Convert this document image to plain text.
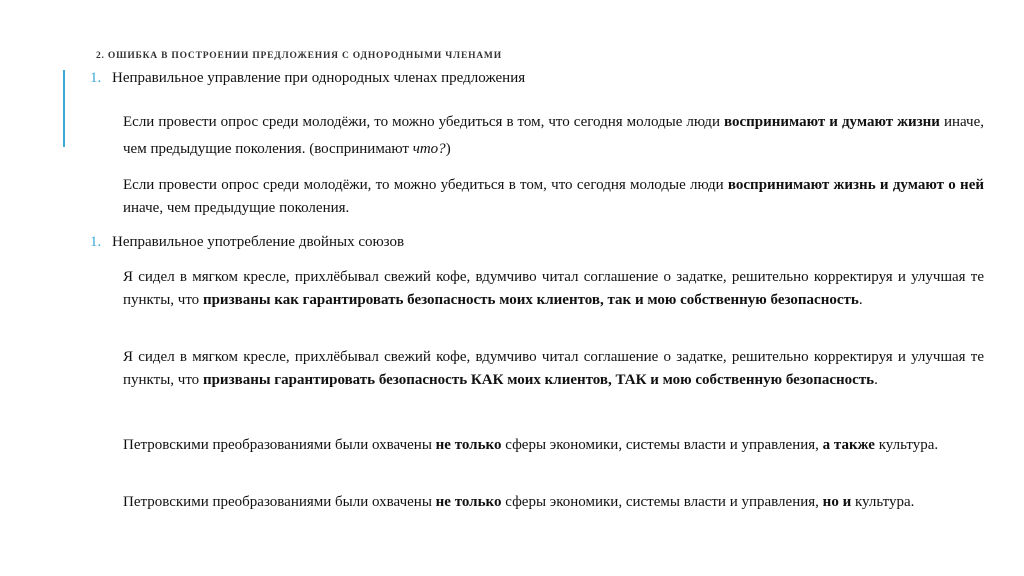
2. ОШИБКА В ПОСТРОЕНИИ ПРЕДЛОЖЕНИЯ С ОДНОРОДНЫМИ ЧЛЕНАМИ
1. Неправильное управление при однородных членах предложения
Если провести опрос среди молодёжи, то можно убедиться в том, что сегодня молодые люди воспринимают и думают жизни иначе, чем предыдущие поколения. (воспринимают что?)
Если провести опрос среди молодёжи, то можно убедиться в том, что сегодня молодые люди воспринимают жизнь и думают о ней иначе, чем предыдущие поколения.
1. Неправильное употребление двойных союзов
Я сидел в мягком кресле, прихлёбывал свежий кофе, вдумчиво читал соглашение о задатке, решительно корректируя и улучшая те пункты, что призваны как гарантировать безопасность моих клиентов, так и мою собственную безопасность.
Я сидел в мягком кресле, прихлёбывал свежий кофе, вдумчиво читал соглашение о задатке, решительно корректируя и улучшая те пункты, что призваны гарантировать безопасность КАК моих клиентов, ТАК и мою собственную безопасность.
Петровскими преобразованиями были охвачены не только сферы экономики, системы власти и управления, а также культура.
Петровскими преобразованиями были охвачены не только сферы экономики, системы власти и управления, но и культура.
